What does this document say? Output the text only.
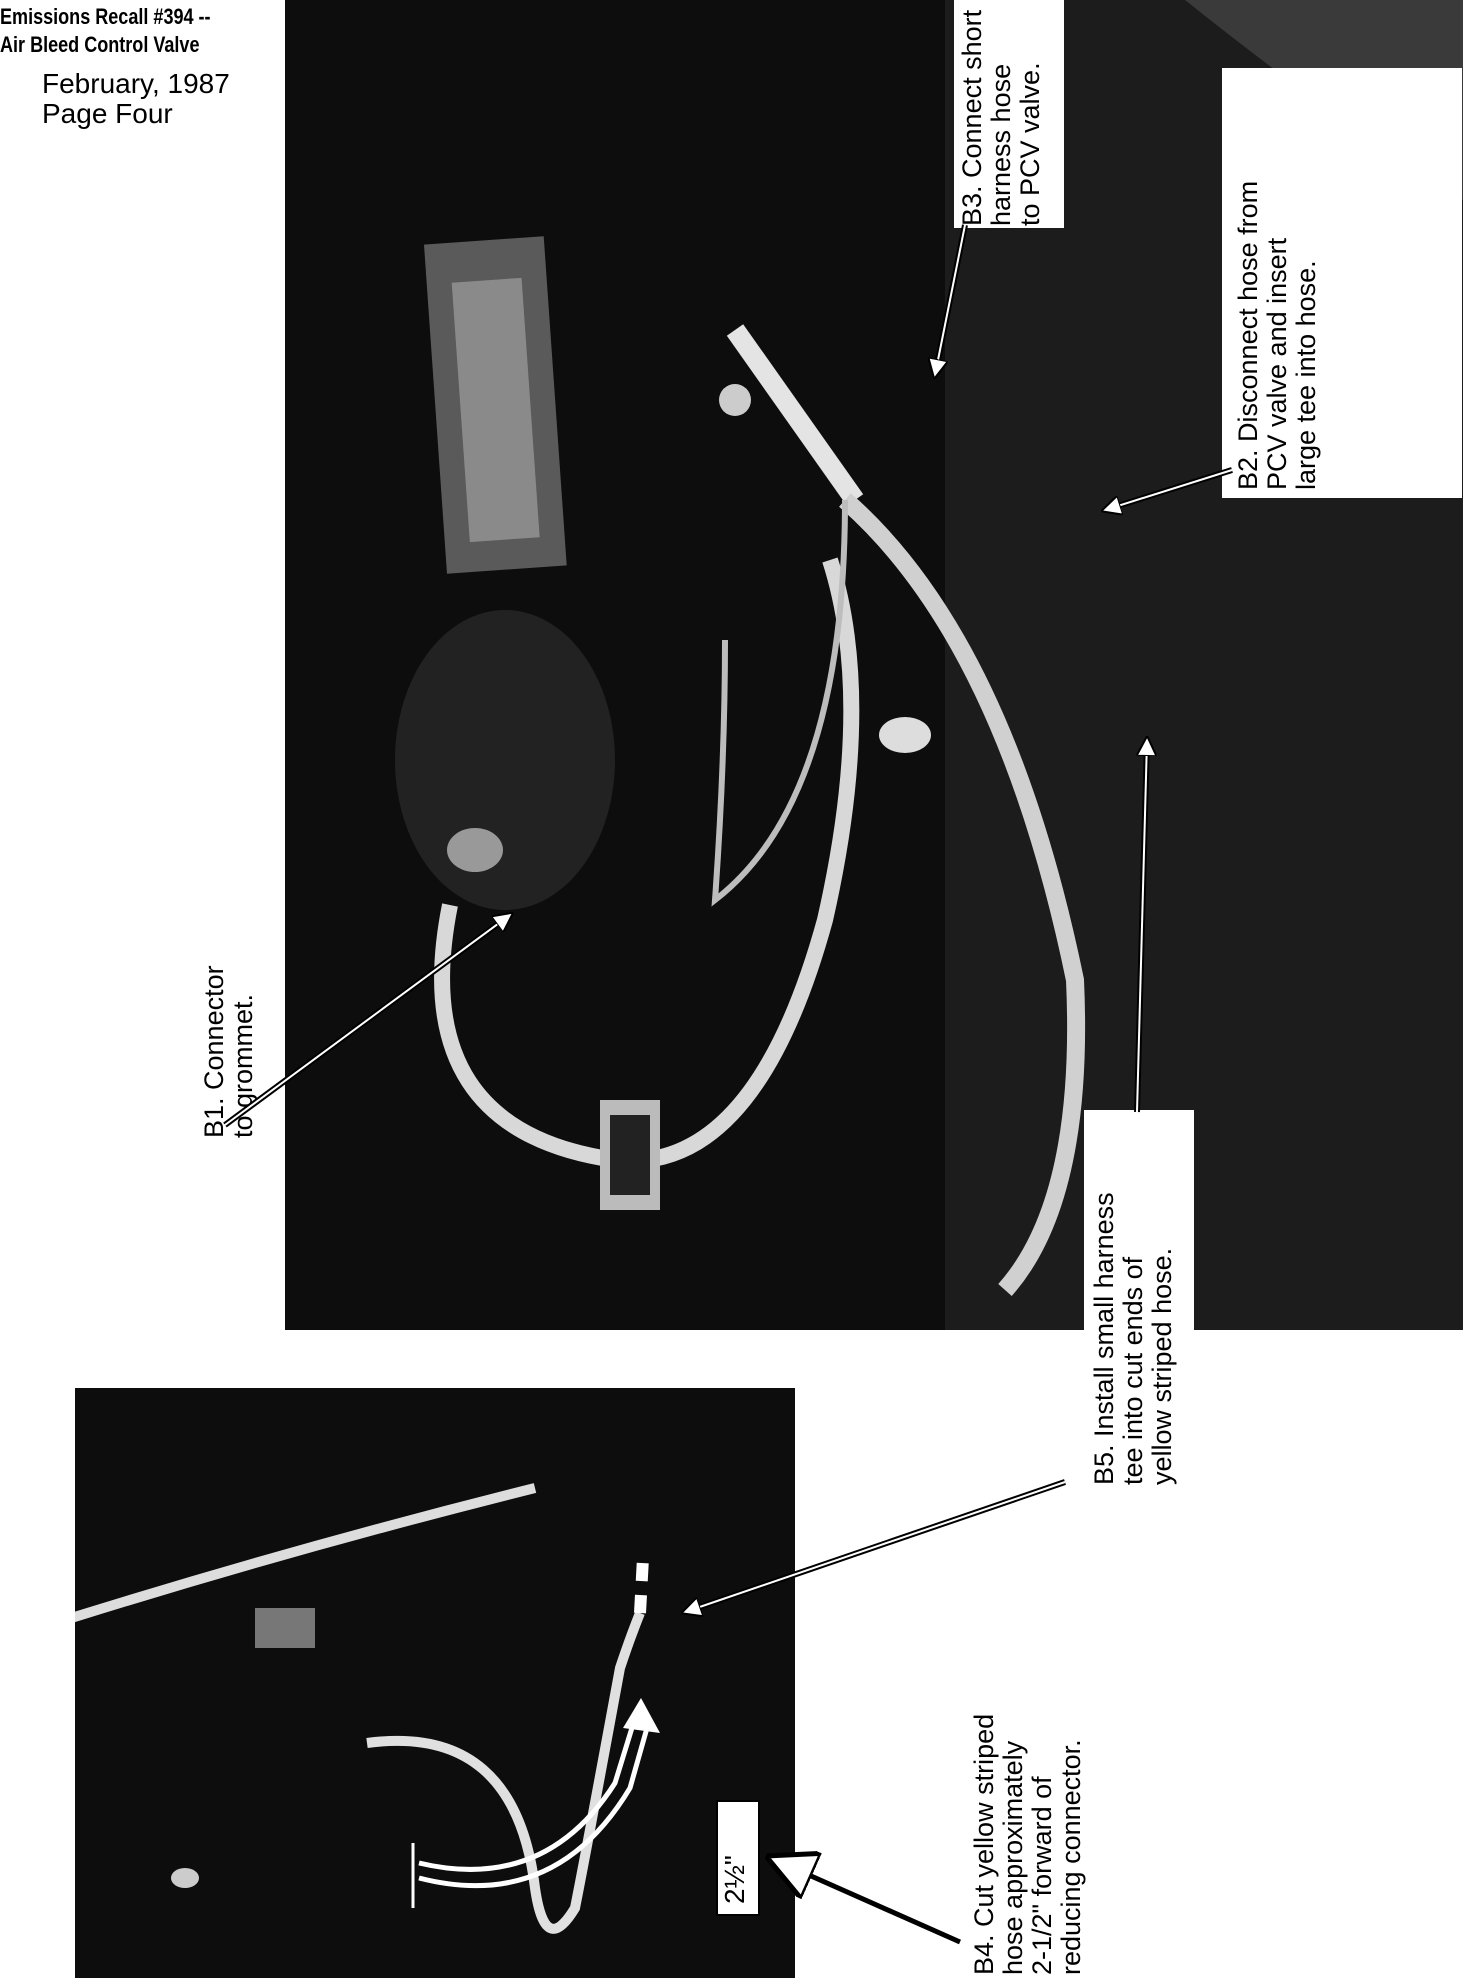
Emissions Recall #394 --
Air Bleed Control Valve
February, 1987
Page Four
2½"
B1. Connector to grommet.
B2. Disconnect hose from PCV valve and insert large tee into hose.
B3. Connect short harness hose to PCV valve.
B4. Cut yellow striped hose approximately 2-1/2" forward of reducing connector.
B5. Install small harness tee into cut ends of yellow striped hose.
